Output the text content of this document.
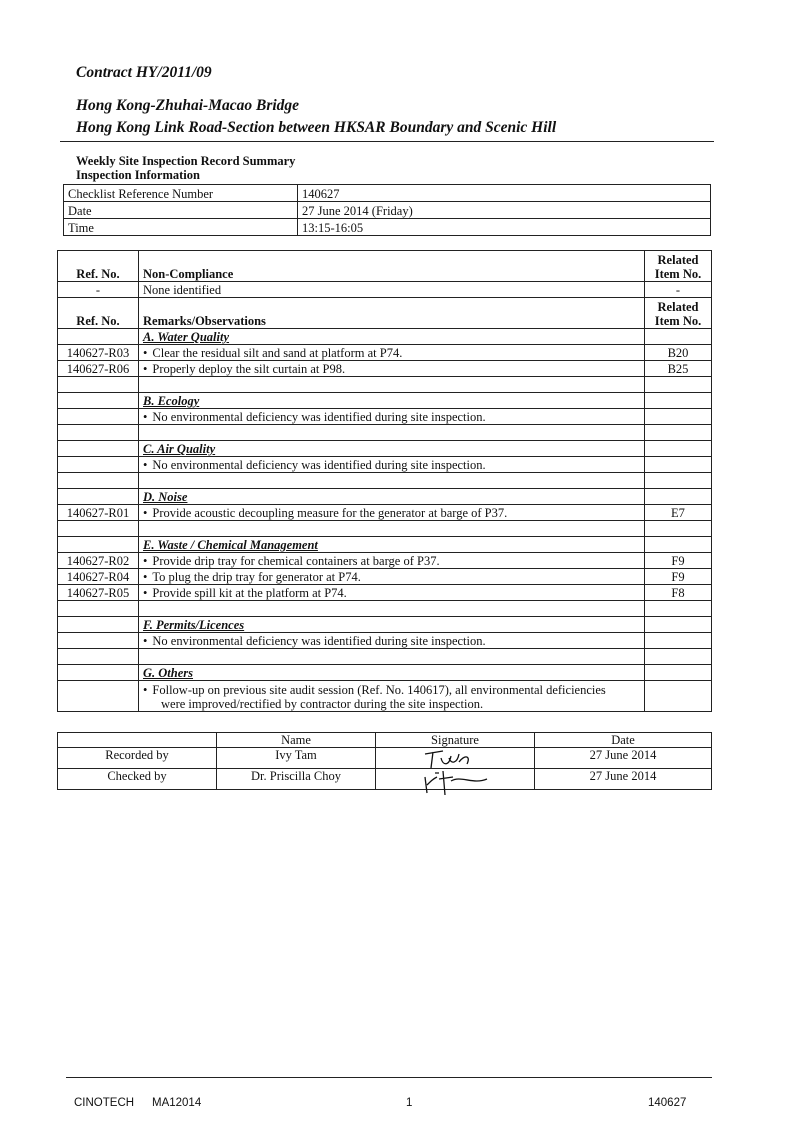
Contract HY/2011/09
Hong Kong-Zhuhai-Macao Bridge
Hong Kong Link Road-Section between HKSAR Boundary and Scenic Hill
Weekly Site Inspection Record Summary
Inspection Information
Checklist Reference Number	140627
Date	27 June 2014 (Friday)
Time	13:15-16:05
Ref. No.	Non-Compliance	Related
Item No.
-	None identified	-
Ref. No.	Remarks/Observations	Related
Item No.
	A. Water Quality	
140627-R03	• Clear the residual silt and sand at platform at P74.	B20
140627-R06	• Properly deploy the silt curtain at P98.	B25

	B. Ecology	
	• No environmental deficiency was identified during site inspection.	

	C. Air Quality	
	• No environmental deficiency was identified during site inspection.	

	D. Noise	
140627-R01	• Provide acoustic decoupling measure for the generator at barge of P37.	E7

	E. Waste / Chemical Management	
140627-R02	• Provide drip tray for chemical containers at barge of P37.	F9
140627-R04	• To plug the drip tray for generator at P74.	F9
140627-R05	• Provide spill kit at the platform at P74.	F8

	F. Permits/Licences	
	• No environmental deficiency was identified during site inspection.	

	G. Others	

	• Follow-up on previous site audit session (Ref. No. 140617), all environmental deficiencies
were improved/rectified by contractor during the site inspection.

	Name	Signature	Date
Recorded by	Ivy Tam		27 June 2014
Checked by	Dr. Priscilla Choy		27 June 2014
CINOTECH MA12014	1	140627
